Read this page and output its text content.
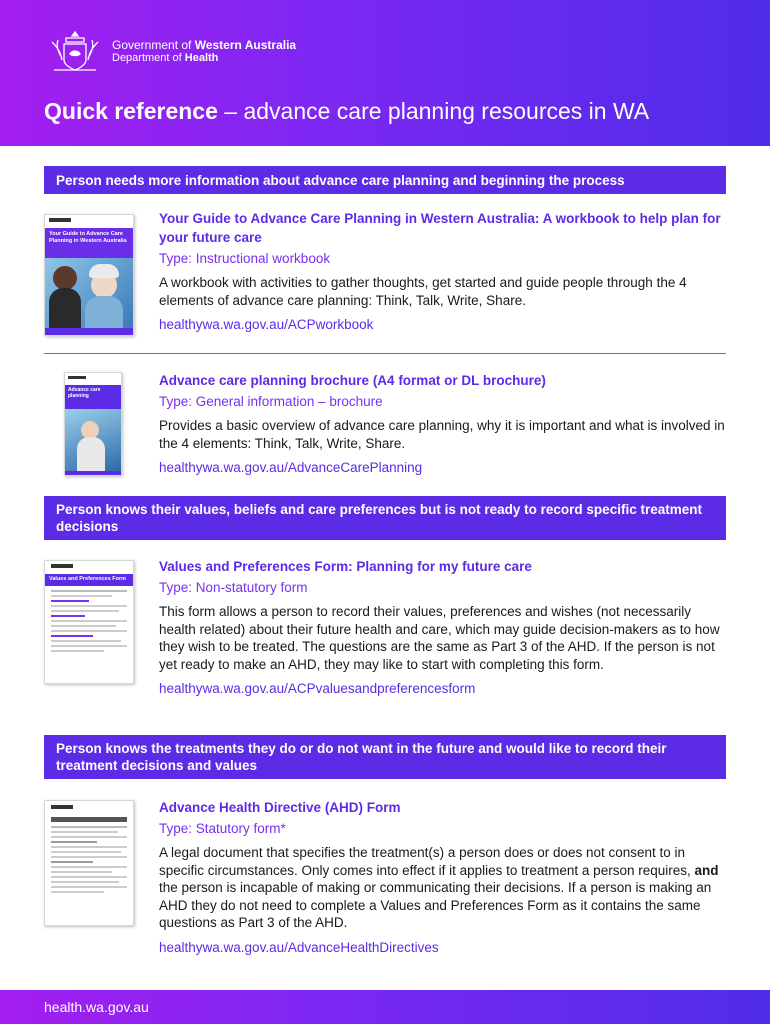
Government of Western Australia
Department of Health
Quick reference – advance care planning resources in WA
Person needs more information about advance care planning and beginning the process
Your Guide to Advance Care Planning in Western Australia
Your Guide to Advance Care Planning in Western Australia: A workbook to help plan for your future care
Type: Instructional workbook
A workbook with activities to gather thoughts, get started and guide people through the 4 elements of advance care planning: Think, Talk, Write, Share.
healthywa.wa.gov.au/ACPworkbook
Advance care planning
Advance care planning brochure (A4 format or DL brochure)
Type: General information – brochure
Provides a basic overview of advance care planning, why it is important and what is involved in the 4 elements: Think, Talk, Write, Share.
healthywa.wa.gov.au/AdvanceCarePlanning
Person knows their values, beliefs and care preferences but is not ready to record specific treatment decisions
Values and Preferences Form
Values and Preferences Form: Planning for my future care
Type: Non-statutory form
This form allows a person to record their values, preferences and wishes (not necessarily health related) about their future health and care, which may guide decision-makers as to how they wish to be treated. The questions are the same as Part 3 of the AHD. If the person is not yet ready to make an AHD, they may like to start with completing this form.
healthywa.wa.gov.au/ACPvaluesandpreferencesform
Person knows the treatments they do or do not want in the future and would like to record their treatment decisions and values
Advance Health Directive (AHD) Form
Type: Statutory form*
A legal document that specifies the treatment(s) a person does or does not consent to in specific circumstances. Only comes into effect if it applies to treatment a person requires, and the person is incapable of making or communicating their decisions. If a person is making an AHD they do not need to complete a Values and Preferences Form as it contains the same questions as Part 3 of the AHD.
healthywa.wa.gov.au/AdvanceHealthDirectives
health.wa.gov.au
